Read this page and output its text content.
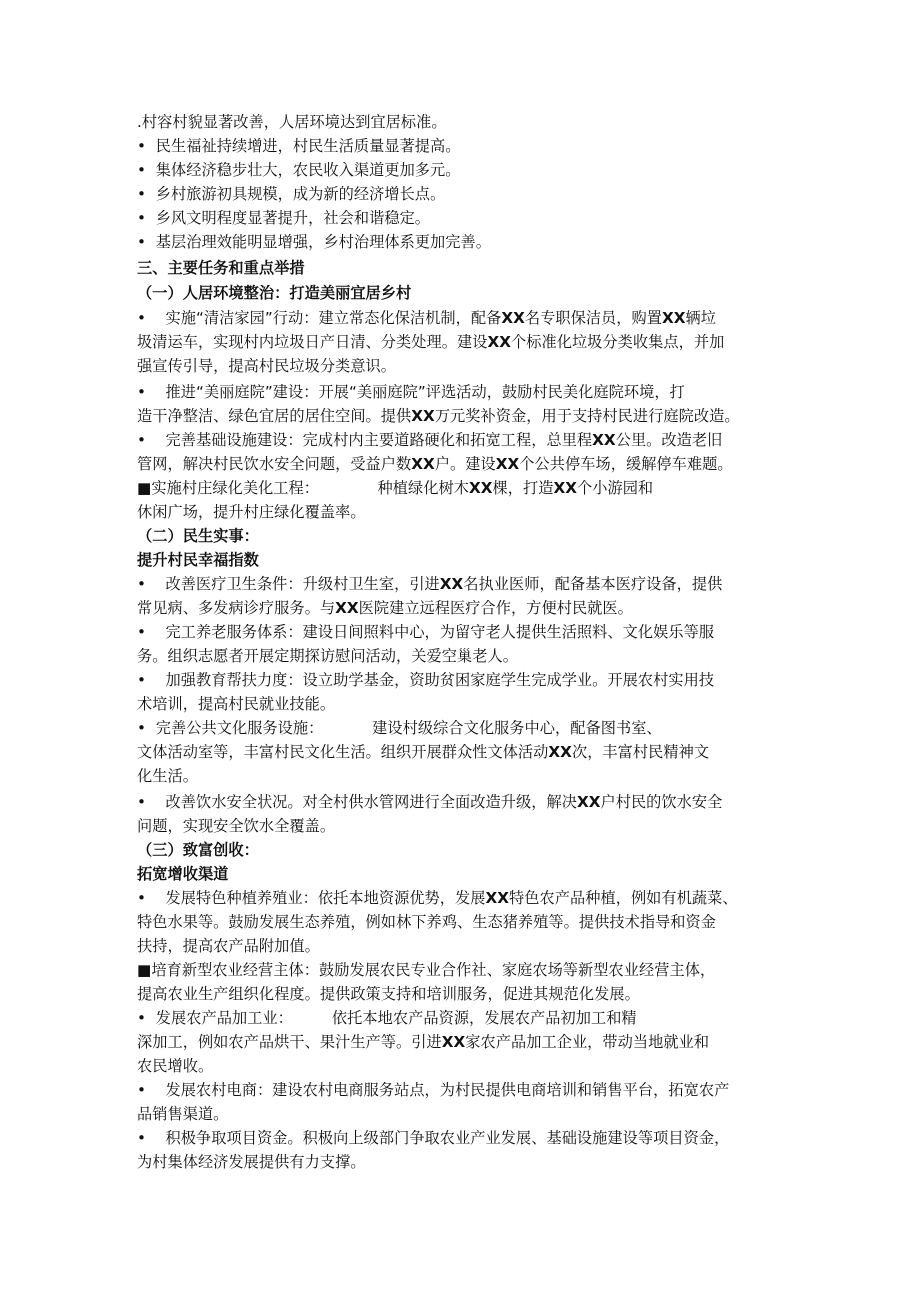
.村容村貌显著改善，人居环境达到宜居标准。
•  民生福祉持续增进，村民生活质量显著提高。
•  集体经济稳步壮大，农民收入渠道更加多元。
•  乡村旅游初具规模，成为新的经济增长点。
•  乡风文明程度显著提升，社会和谐稳定。
•  基层治理效能明显增强，乡村治理体系更加完善。
三、主要任务和重点举措
（一）人居环境整治：打造美丽宜居乡村
•    实施“清洁家园”行动：建立常态化保洁机制，配备XX名专职保洁员，购置XX辆垃
圾清运车，实现村内垃圾日产日清、分类处理。建设XX个标准化垃圾分类收集点，并加
强宣传引导，提高村民垃圾分类意识。
•    推进“美丽庭院”建设：开展“美丽庭院”评选活动，鼓励村民美化庭院环境，打
造干净整洁、绿色宜居的居住空间。提供XX万元奖补资金，用于支持村民进行庭院改造。
•    完善基础设施建设：完成村内主要道路硬化和拓宽工程，总里程XX公里。改造老旧
管网，解决村民饮水安全问题，受益户数XX户。建设XX个公共停车场，缓解停车难题。
■实施村庄绿化美化工程：            种植绿化树木XX棵，打造XX个小游园和
休闲广场，提升村庄绿化覆盖率。
（二）民生实事：
提升村民幸福指数
•    改善医疗卫生条件：升级村卫生室，引进XX名执业医师，配备基本医疗设备，提供
常见病、多发病诊疗服务。与XX医院建立远程医疗合作，方便村民就医。
•    完工养老服务体系：建设日间照料中心，为留守老人提供生活照料、文化娱乐等服
务。组织志愿者开展定期探访慰问活动，关爱空巢老人。
•    加强教育帮扶力度：设立助学基金，资助贫困家庭学生完成学业。开展农村实用技
术培训，提高村民就业技能。
•  完善公共文化服务设施：          建设村级综合文化服务中心，配备图书室、
文体活动室等，丰富村民文化生活。组织开展群众性文体活动XX次，丰富村民精神文
化生活。
•    改善饮水安全状况。对全村供水管网进行全面改造升级，解决XX户村民的饮水安全
问题，实现安全饮水全覆盖。
（三）致富创收：
拓宽增收渠道
•    发展特色种植养殖业：依托本地资源优势，发展XX特色农产品种植，例如有机蔬菜、
特色水果等。鼓励发展生态养殖，例如林下养鸡、生态猪养殖等。提供技术指导和资金
扶持，提高农产品附加值。
■培育新型农业经营主体：鼓励发展农民专业合作社、家庭农场等新型农业经营主体，
提高农业生产组织化程度。提供政策支持和培训服务，促进其规范化发展。
•  发展农产品加工业：        依托本地农产品资源，发展农产品初加工和精
深加工，例如农产品烘干、果汁生产等。引进XX家农产品加工企业，带动当地就业和
农民增收。
•    发展农村电商：建设农村电商服务站点，为村民提供电商培训和销售平台，拓宽农产
品销售渠道。
•    积极争取项目资金。积极向上级部门争取农业产业发展、基础设施建设等项目资金，
为村集体经济发展提供有力支撑。
